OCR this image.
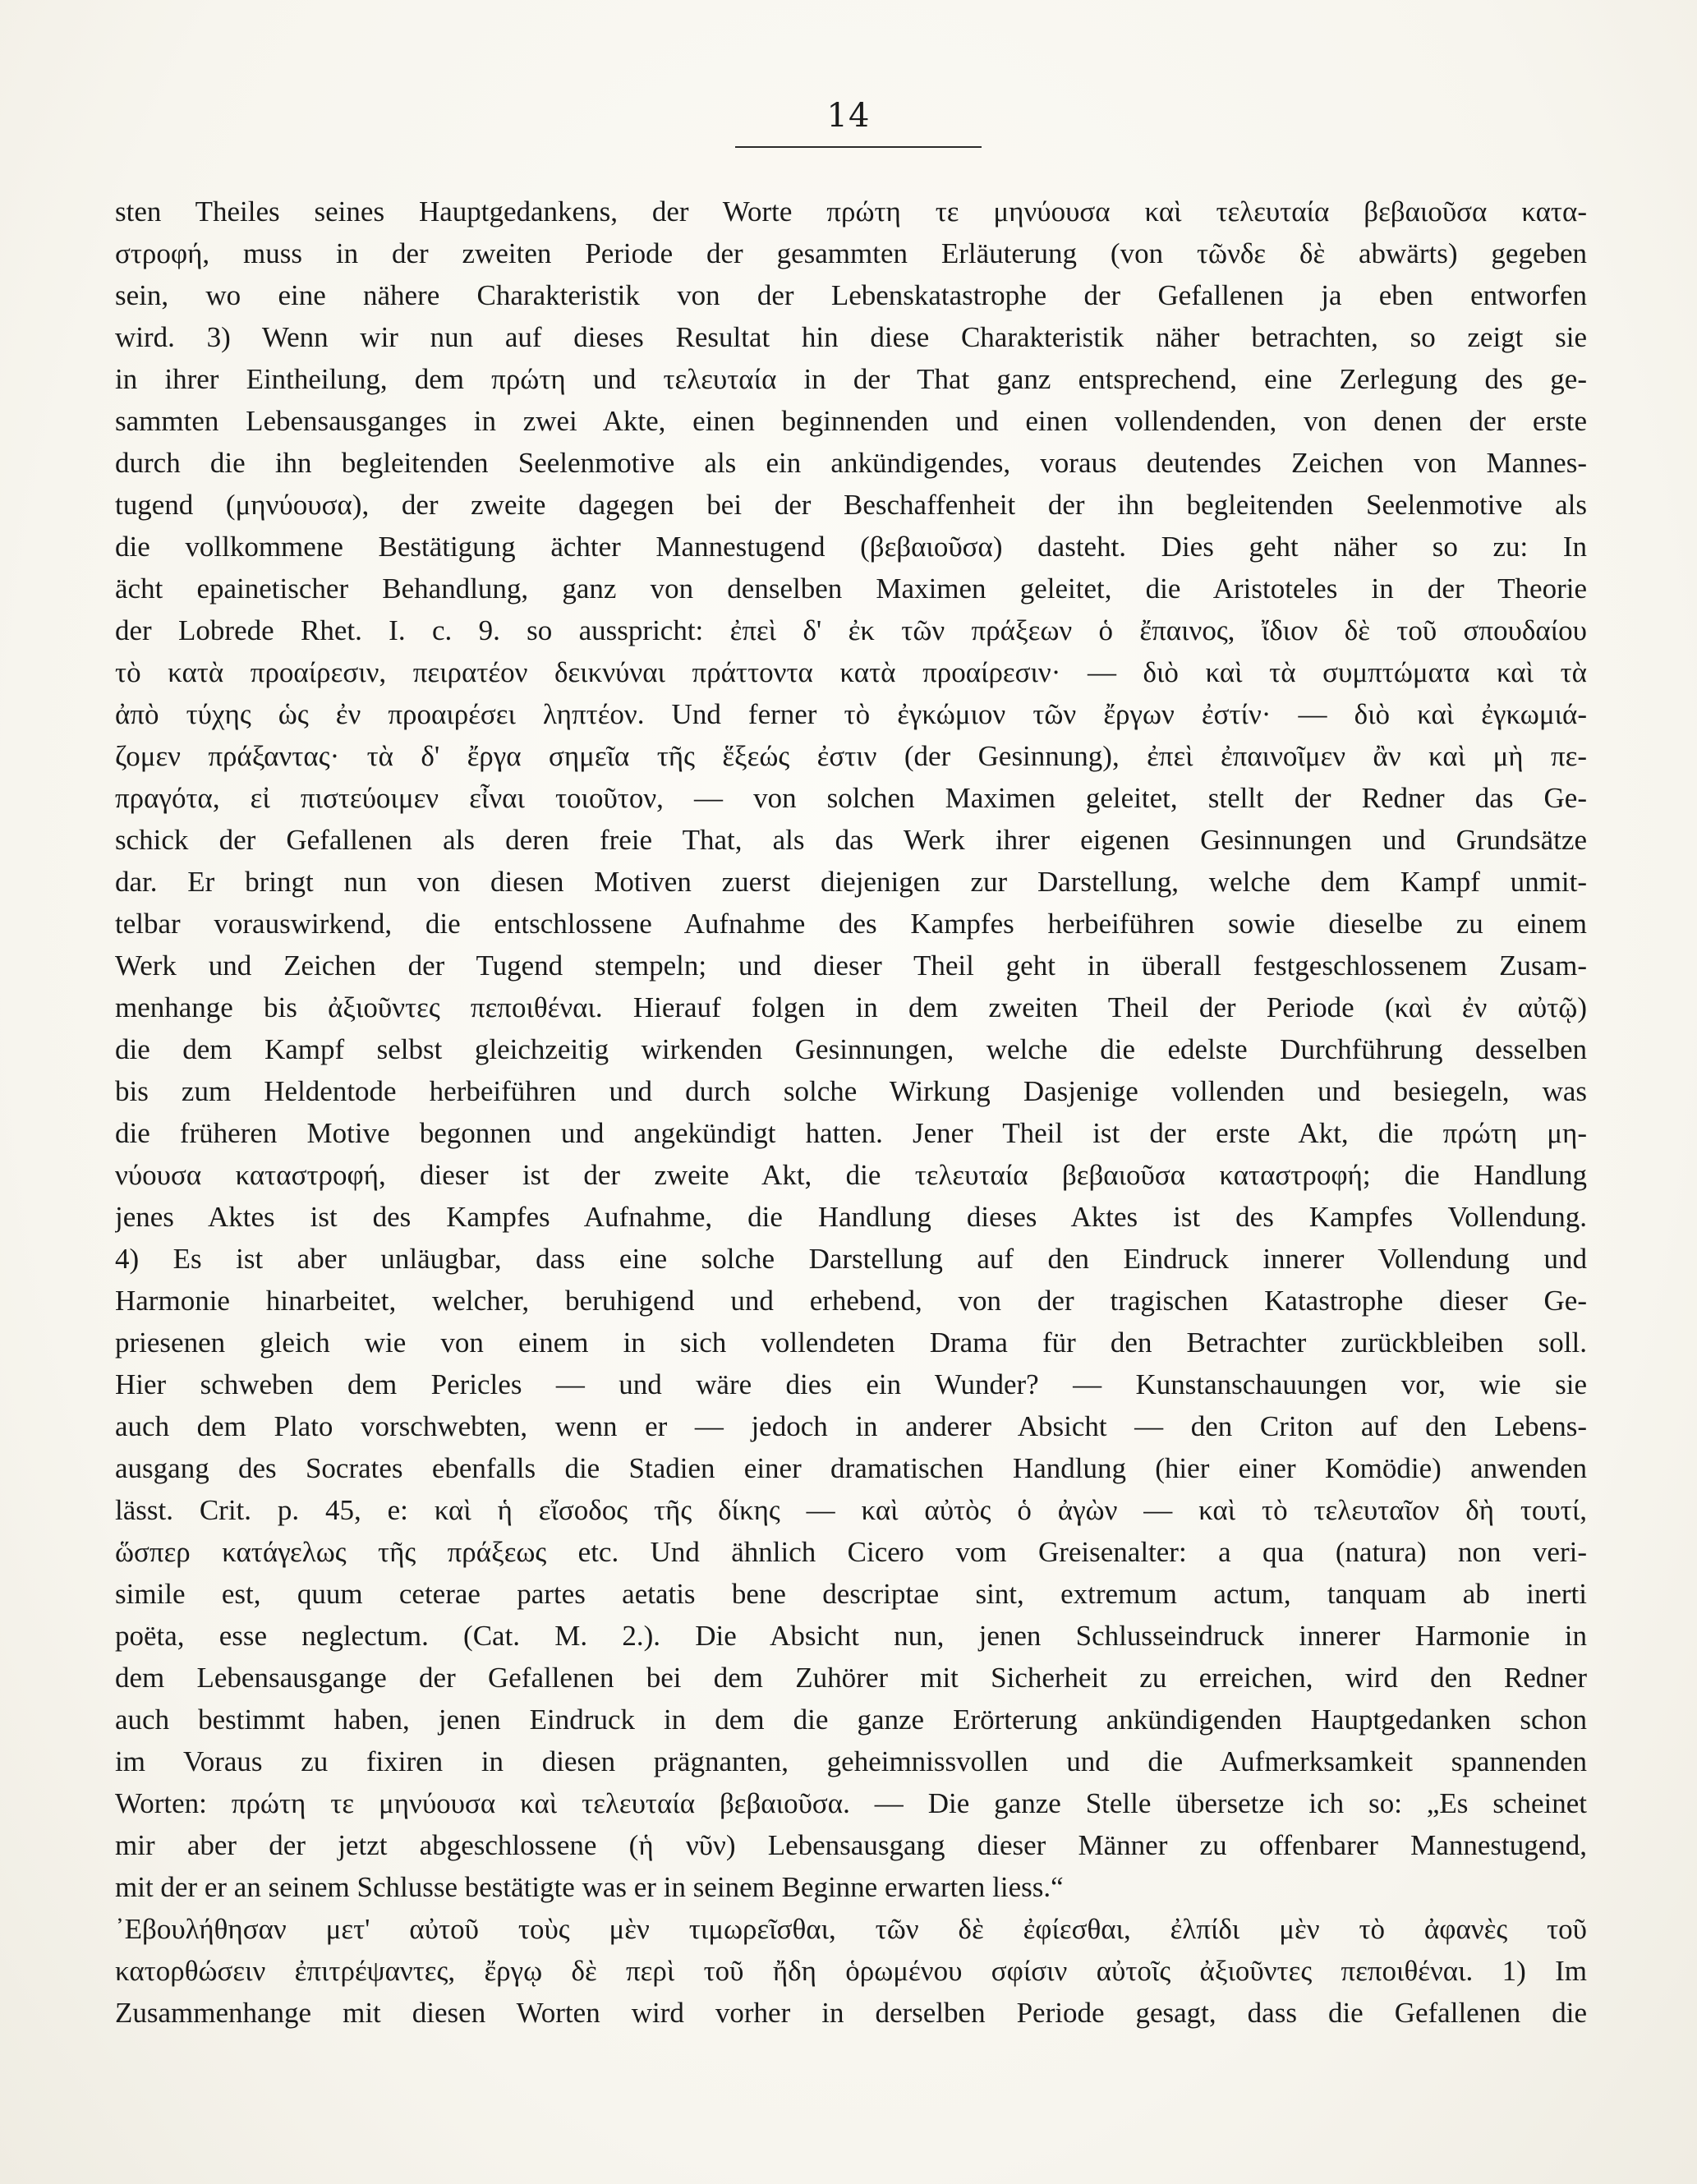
14
sten Theiles seines Hauptgedankens, der Worte πρώτη τε μηνύουσα καὶ τελευταία βεβαιοῦσα κατα-
στροφή, muss in der zweiten Periode der gesammten Erläuterung (von τῶνδε δὲ abwärts) gegeben
sein, wo eine nähere Charakteristik von der Lebenskatastrophe der Gefallenen ja eben entworfen
wird. 3) Wenn wir nun auf dieses Resultat hin diese Charakteristik näher betrachten, so zeigt sie
in ihrer Eintheilung, dem πρώτη und τελευταία in der That ganz entsprechend, eine Zerlegung des ge-
sammten Lebensausganges in zwei Akte, einen beginnenden und einen vollendenden, von denen der erste
durch die ihn begleitenden Seelenmotive als ein ankündigendes, voraus deutendes Zeichen von Mannes-
tugend (μηνύουσα), der zweite dagegen bei der Beschaffenheit der ihn begleitenden Seelenmotive als
die vollkommene Bestätigung ächter Mannestugend (βεβαιοῦσα) dasteht. Dies geht näher so zu: In
ächt epainetischer Behandlung, ganz von denselben Maximen geleitet, die Aristoteles in der Theorie
der Lobrede Rhet. I. c. 9. so ausspricht: ἐπεὶ δ' ἐκ τῶν πράξεων ὁ ἔπαινος, ἴδιον δὲ τοῦ σπουδαίου
τὸ κατὰ προαίρεσιν, πειρατέον δεικνύναι πράττοντα κατὰ προαίρεσιν· — διὸ καὶ τὰ συμπτώματα καὶ τὰ
ἀπὸ τύχης ὡς ἐν προαιρέσει ληπτέον. Und ferner τὸ ἐγκώμιον τῶν ἔργων ἐστίν· — διὸ καὶ ἐγκωμιά-
ζομεν πράξαντας· τὰ δ' ἔργα σημεῖα τῆς ἕξεώς ἐστιν (der Gesinnung), ἐπεὶ ἐπαινοῖμεν ἂν καὶ μὴ πε-
πραγότα, εἰ πιστεύοιμεν εἶναι τοιοῦτον, — von solchen Maximen geleitet, stellt der Redner das Ge-
schick der Gefallenen als deren freie That, als das Werk ihrer eigenen Gesinnungen und Grundsätze
dar. Er bringt nun von diesen Motiven zuerst diejenigen zur Darstellung, welche dem Kampf unmit-
telbar vorauswirkend, die entschlossene Aufnahme des Kampfes herbeiführen sowie dieselbe zu einem
Werk und Zeichen der Tugend stempeln; und dieser Theil geht in überall festgeschlossenem Zusam-
menhange bis ἀξιοῦντες πεποιθέναι. Hierauf folgen in dem zweiten Theil der Periode (καὶ ἐν αὐτῷ)
die dem Kampf selbst gleichzeitig wirkenden Gesinnungen, welche die edelste Durchführung desselben
bis zum Heldentode herbeiführen und durch solche Wirkung Dasjenige vollenden und besiegeln, was
die früheren Motive begonnen und angekündigt hatten. Jener Theil ist der erste Akt, die πρώτη μη-
νύουσα καταστροφή, dieser ist der zweite Akt, die τελευταία βεβαιοῦσα καταστροφή; die Handlung
jenes Aktes ist des Kampfes Aufnahme, die Handlung dieses Aktes ist des Kampfes Vollendung.
4) Es ist aber unläugbar, dass eine solche Darstellung auf den Eindruck innerer Vollendung und
Harmonie hinarbeitet, welcher, beruhigend und erhebend, von der tragischen Katastrophe dieser Ge-
priesenen gleich wie von einem in sich vollendeten Drama für den Betrachter zurückbleiben soll.
Hier schweben dem Pericles — und wäre dies ein Wunder? — Kunstanschauungen vor, wie sie
auch dem Plato vorschwebten, wenn er — jedoch in anderer Absicht — den Criton auf den Lebens-
ausgang des Socrates ebenfalls die Stadien einer dramatischen Handlung (hier einer Komödie) anwenden
lässt. Crit. p. 45, e: καὶ ἡ εἴσοδος τῆς δίκης — καὶ αὐτὸς ὁ ἀγὼν — καὶ τὸ τελευταῖον δὴ τουτί,
ὥσπερ κατάγελως τῆς πράξεως etc. Und ähnlich Cicero vom Greisenalter: a qua (natura) non veri-
simile est, quum ceterae partes aetatis bene descriptae sint, extremum actum, tanquam ab inerti
poëta, esse neglectum. (Cat. M. 2.). Die Absicht nun, jenen Schlusseindruck innerer Harmonie in
dem Lebensausgange der Gefallenen bei dem Zuhörer mit Sicherheit zu erreichen, wird den Redner
auch bestimmt haben, jenen Eindruck in dem die ganze Erörterung ankündigenden Hauptgedanken schon
im Voraus zu fixiren in diesen prägnanten, geheimnissvollen und die Aufmerksamkeit spannenden
Worten: πρώτη τε μηνύουσα καὶ τελευταία βεβαιοῦσα. — Die ganze Stelle übersetze ich so: „Es scheinet
mir aber der jetzt abgeschlossene (ἡ νῦν) Lebensausgang dieser Männer zu offenbarer Mannestugend,
mit der er an seinem Schlusse bestätigte was er in seinem Beginne erwarten liess.“
᾿Εβουλήθησαν μετ' αὐτοῦ τοὺς μὲν τιμωρεῖσθαι, τῶν δὲ ἐφίεσθαι, ἐλπίδι μὲν τὸ ἀφανὲς τοῦ
κατορθώσειν ἐπιτρέψαντες, ἔργῳ δὲ περὶ τοῦ ἤδη ὁρωμένου σφίσιν αὐτοῖς ἀξιοῦντες πεποιθέναι. 1) Im
Zusammenhange mit diesen Worten wird vorher in derselben Periode gesagt, dass die Gefallenen die
